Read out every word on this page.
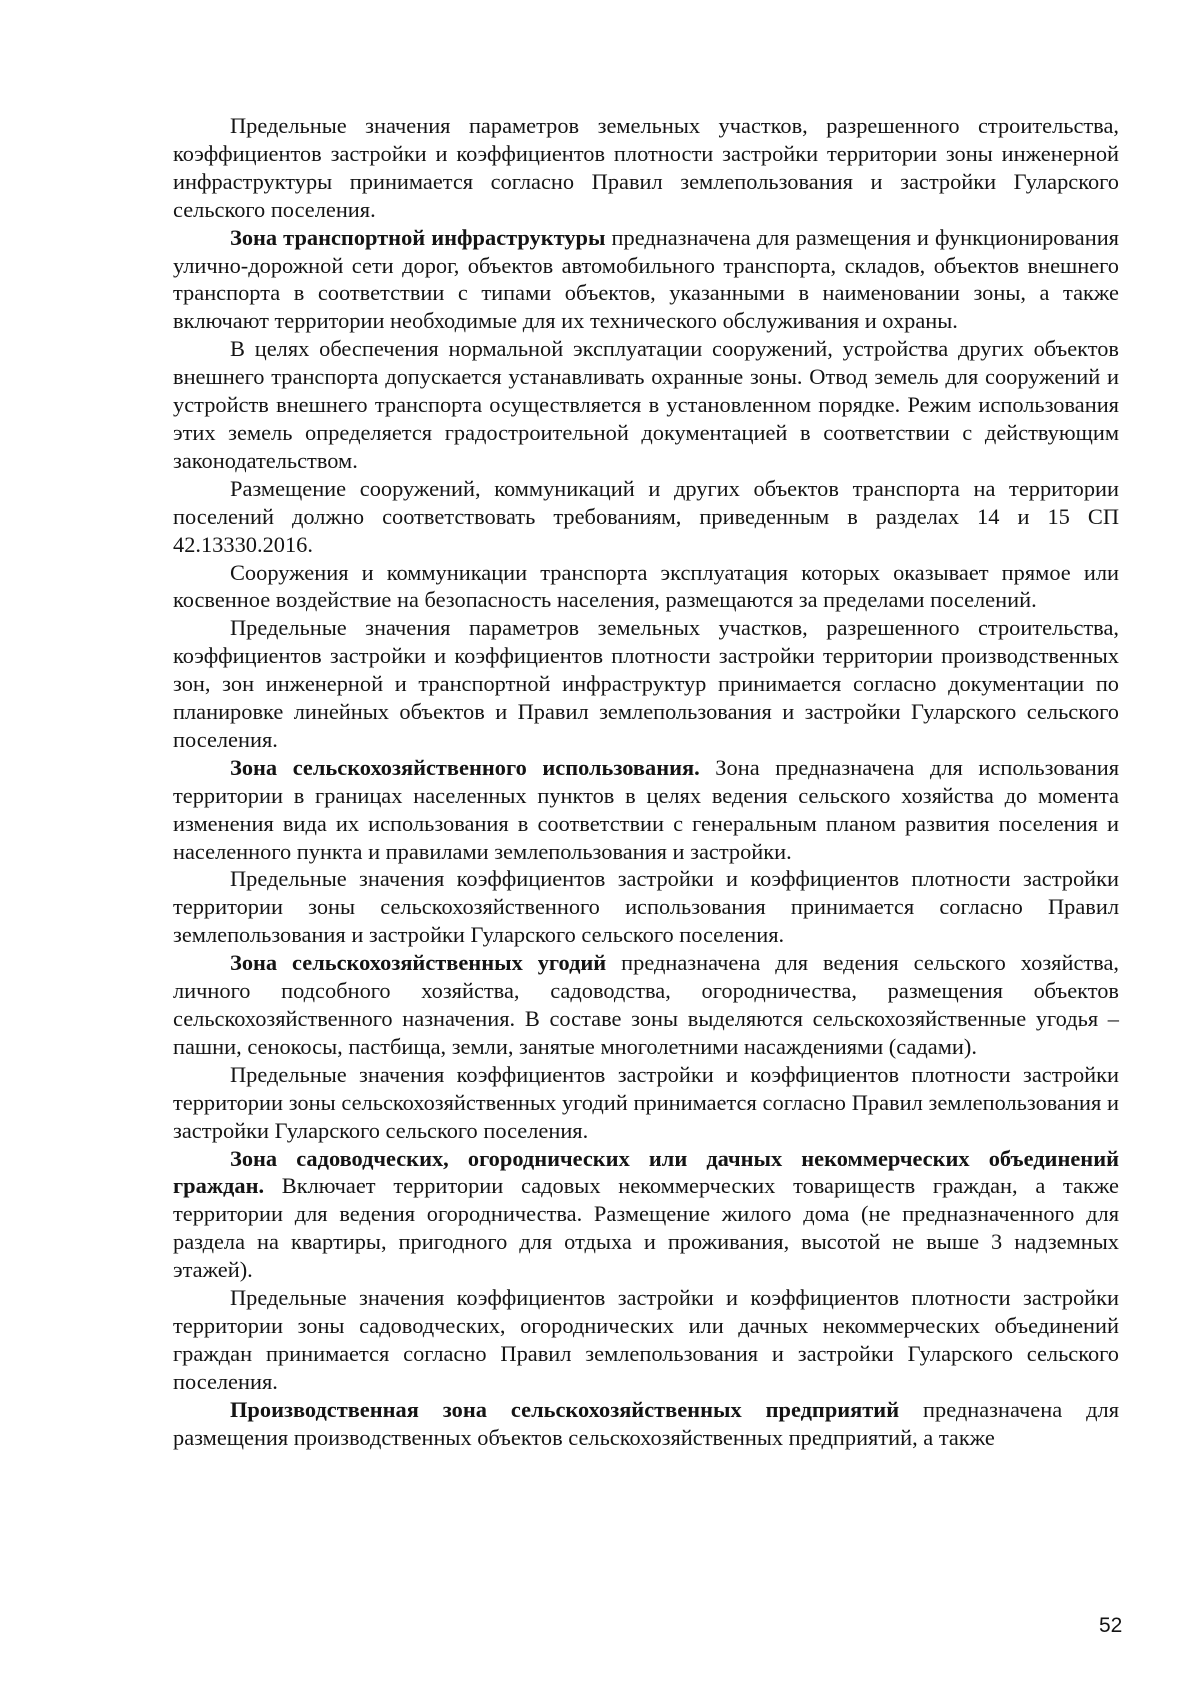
Предельные значения параметров земельных участков, разрешенного строительства, коэффициентов застройки и коэффициентов плотности застройки территории зоны инженерной инфраструктуры принимается согласно Правил землепользования и застройки Гуларского сельского поселения.

Зона транспортной инфраструктуры предназначена для размещения и функционирования улично-дорожной сети дорог, объектов автомобильного транспорта, складов, объектов внешнего транспорта в соответствии с типами объектов, указанными в наименовании зоны, а также включают территории необходимые для их технического обслуживания и охраны.

В целях обеспечения нормальной эксплуатации сооружений, устройства других объектов внешнего транспорта допускается устанавливать охранные зоны. Отвод земель для сооружений и устройств внешнего транспорта осуществляется в установленном порядке. Режим использования этих земель определяется градостроительной документацией в соответствии с действующим законодательством.

Размещение сооружений, коммуникаций и других объектов транспорта на территории поселений должно соответствовать требованиям, приведенным в разделах 14 и 15 СП 42.13330.2016.

Сооружения и коммуникации транспорта эксплуатация которых оказывает прямое или косвенное воздействие на безопасность населения, размещаются за пределами поселений.

Предельные значения параметров земельных участков, разрешенного строительства, коэффициентов застройки и коэффициентов плотности застройки территории производственных зон, зон инженерной и транспортной инфраструктур принимается согласно документации по планировке линейных объектов и Правил землепользования и застройки Гуларского сельского поселения.

Зона сельскохозяйственного использования. Зона предназначена для использования территории в границах населенных пунктов в целях ведения сельского хозяйства до момента изменения вида их использования в соответствии с генеральным планом развития поселения и населенного пункта и правилами землепользования и застройки.

Предельные значения коэффициентов застройки и коэффициентов плотности застройки территории зоны сельскохозяйственного использования принимается согласно Правил землепользования и застройки Гуларского сельского поселения.

Зона сельскохозяйственных угодий предназначена для ведения сельского хозяйства, личного подсобного хозяйства, садоводства, огородничества, размещения объектов сельскохозяйственного назначения. В составе зоны выделяются сельскохозяйственные угодья – пашни, сенокосы, пастбища, земли, занятые многолетними насаждениями (садами).

Предельные значения коэффициентов застройки и коэффициентов плотности застройки территории зоны сельскохозяйственных угодий принимается согласно Правил землепользования и застройки Гуларского сельского поселения.

Зона садоводческих, огороднических или дачных некоммерческих объединений граждан. Включает территории садовых некоммерческих товариществ граждан, а также территории для ведения огородничества. Размещение жилого дома (не предназначенного для раздела на квартиры, пригодного для отдыха и проживания, высотой не выше 3 надземных этажей).

Предельные значения коэффициентов застройки и коэффициентов плотности застройки территории зоны садоводческих, огороднических или дачных некоммерческих объединений граждан принимается согласно Правил землепользования и застройки Гуларского сельского поселения.

Производственная зона сельскохозяйственных предприятий предназначена для размещения производственных объектов сельскохозяйственных предприятий, а также

52
